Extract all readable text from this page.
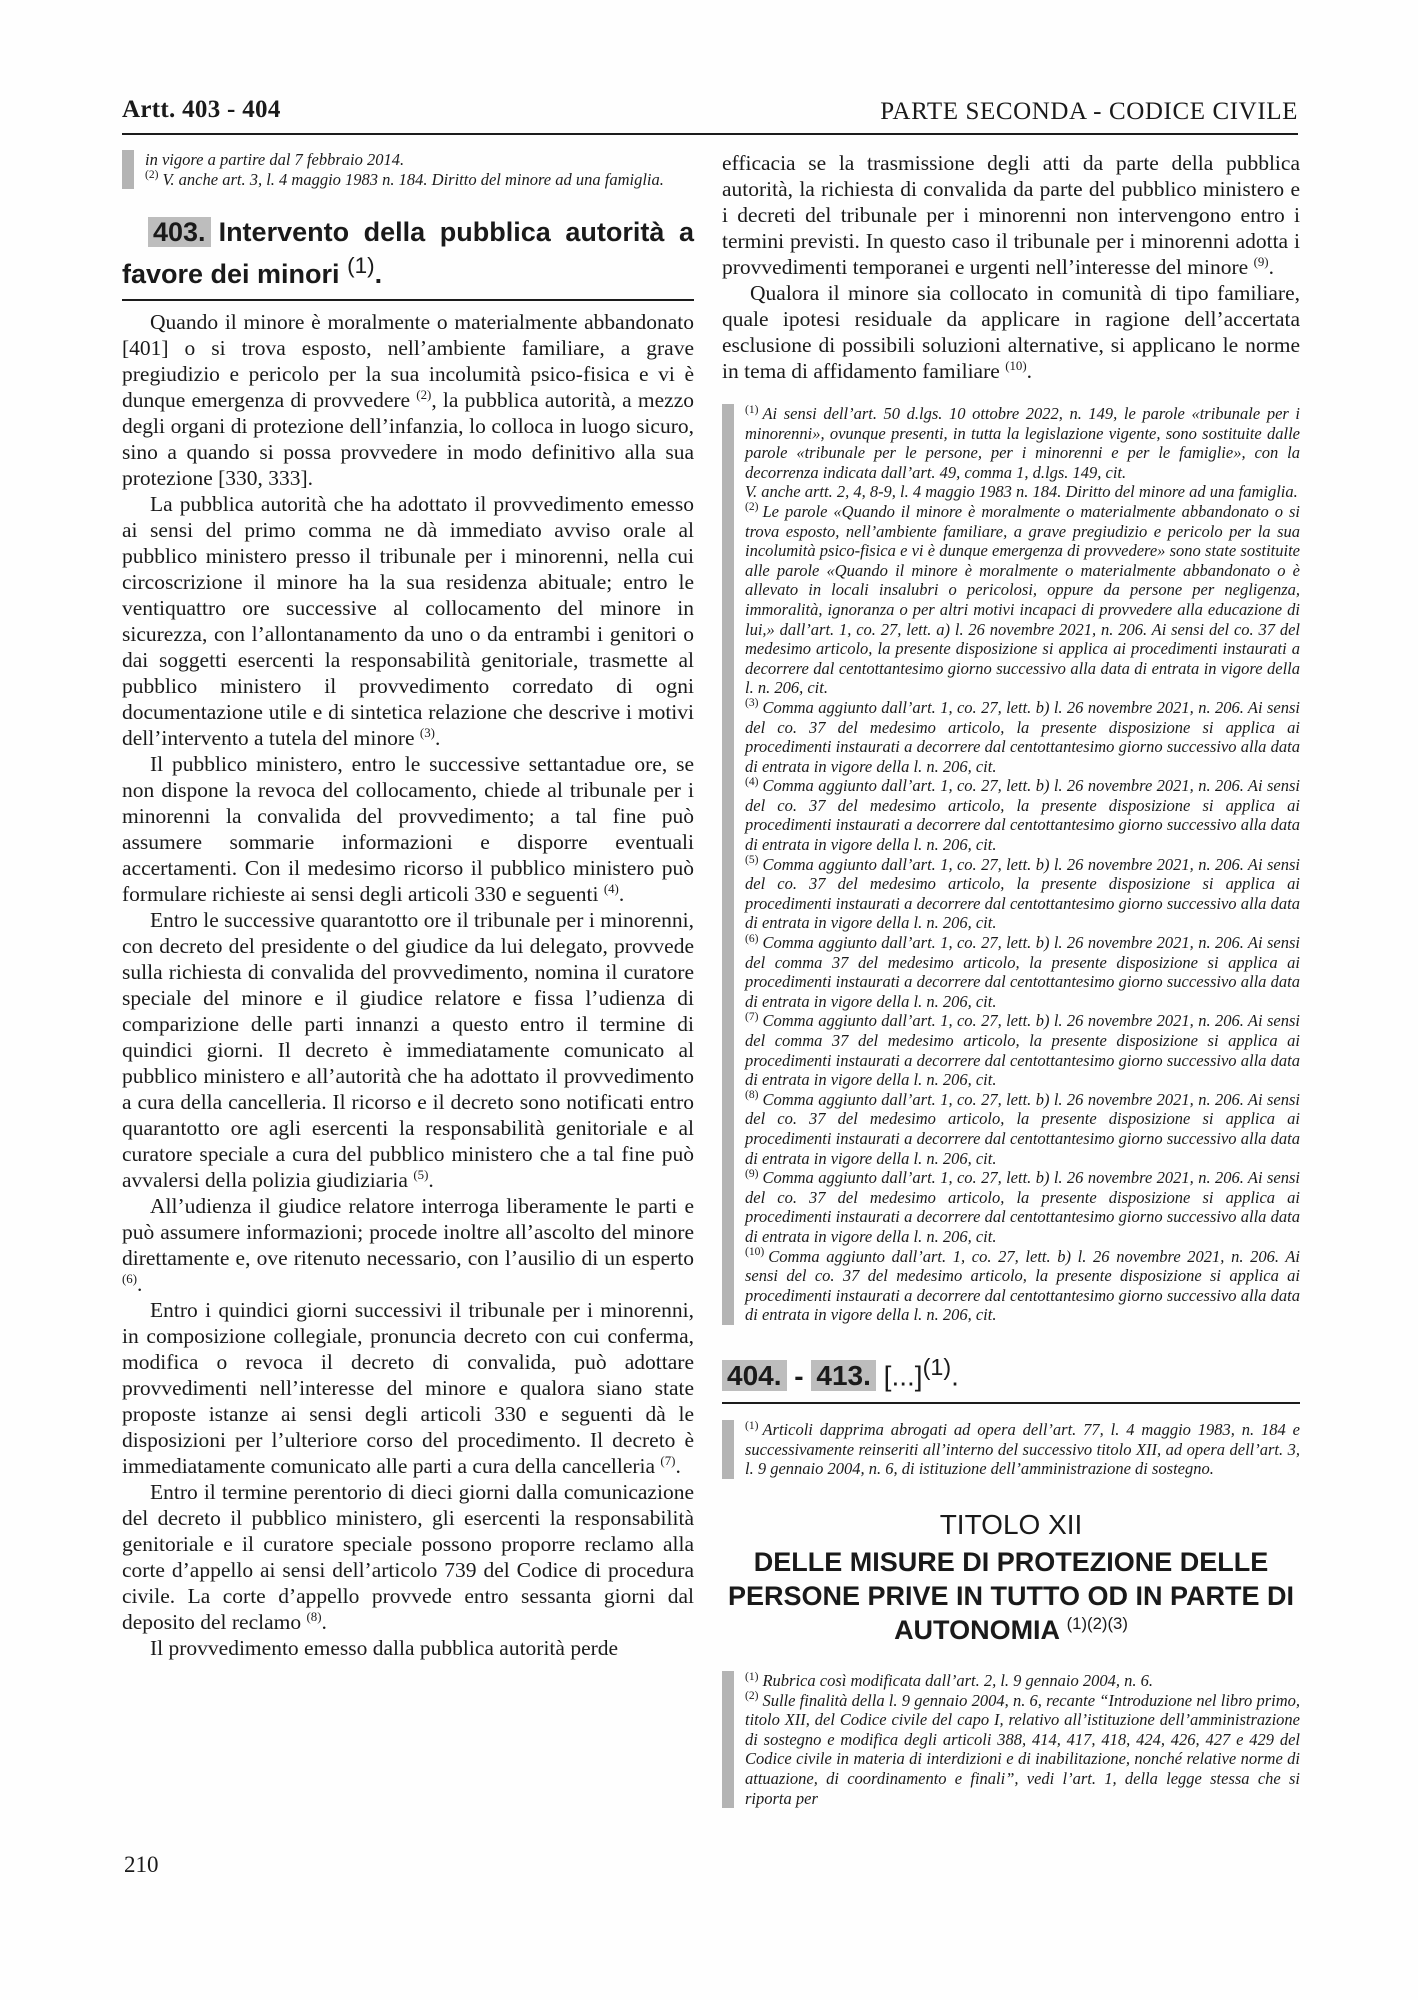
Artt. 403 - 404	PARTE SECONDA - CODICE CIVILE
in vigore a partire dal 7 febbraio 2014.
$^{(2)}$ V. anche art. 3, l. 4 maggio 1983 n. 184. Diritto del minore ad una famiglia.
403. Intervento della pubblica autorità a favore dei minori $^{(1)}$.

Quando il minore è moralmente o materialmente abbandonato [401] o si trova esposto, nell’ambiente familiare, a grave pregiudizio e pericolo per la sua incolumità psico-fisica e vi è dunque emergenza di provvedere $^{(2)}$, la pubblica autorità, a mezzo degli organi di protezione dell’infanzia, lo colloca in luogo sicuro, sino a quando si possa provvedere in modo definitivo alla sua protezione [330, 333].

La pubblica autorità che ha adottato il provvedimento emesso ai sensi del primo comma ne dà immediato avviso orale al pubblico ministero presso il tribunale per i minorenni, nella cui circoscrizione il minore ha la sua residenza abituale; entro le ventiquattro ore successive al collocamento del minore in sicurezza, con l’allontanamento da uno o da entrambi i genitori o dai soggetti esercenti la responsabilità genitoriale, trasmette al pubblico ministero il provvedimento corredato di ogni documentazione utile e di sintetica relazione che descrive i motivi dell’intervento a tutela del minore $^{(3)}$.

Il pubblico ministero, entro le successive settantadue ore, se non dispone la revoca del collocamento, chiede al tribunale per i minorenni la convalida del provvedimento; a tal fine può assumere sommarie informazioni e disporre eventuali accertamenti. Con il medesimo ricorso il pubblico ministero può formulare richieste ai sensi degli articoli 330 e seguenti $^{(4)}$.

Entro le successive quarantotto ore il tribunale per i minorenni, con decreto del presidente o del giudice da lui delegato, provvede sulla richiesta di convalida del provvedimento, nomina il curatore speciale del minore e il giudice relatore e fissa l’udienza di comparizione delle parti innanzi a questo entro il termine di quindici giorni. Il decreto è immediatamente comunicato al pubblico ministero e all’autorità che ha adottato il provvedimento a cura della cancelleria. Il ricorso e il decreto sono notificati entro quarantotto ore agli esercenti la responsabilità genitoriale e al curatore speciale a cura del pubblico ministero che a tal fine può avvalersi della polizia giudiziaria $^{(5)}$.

All’udienza il giudice relatore interroga liberamente le parti e può assumere informazioni; procede inoltre all’ascolto del minore direttamente e, ove ritenuto necessario, con l’ausilio di un esperto $^{(6)}$.

Entro i quindici giorni successivi il tribunale per i minorenni, in composizione collegiale, pronuncia decreto con cui conferma, modifica o revoca il decreto di convalida, può adottare provvedimenti nell’interesse del minore e qualora siano state proposte istanze ai sensi degli articoli 330 e seguenti dà le disposizioni per l’ulteriore corso del procedimento. Il decreto è immediatamente comunicato alle parti a cura della cancelleria $^{(7)}$.

Entro il termine perentorio di dieci giorni dalla comunicazione del decreto il pubblico ministero, gli esercenti la responsabilità genitoriale e il curatore speciale possono proporre reclamo alla corte d’appello ai sensi dell’articolo 739 del Codice di procedura civile. La corte d’appello provvede entro sessanta giorni dal deposito del reclamo $^{(8)}$.

Il provvedimento emesso dalla pubblica autorità perde

efficacia se la trasmissione degli atti da parte della pubblica autorità, la richiesta di convalida da parte del pubblico ministero e i decreti del tribunale per i minorenni non intervengono entro i termini previsti. In questo caso il tribunale per i minorenni adotta i provvedimenti temporanei e urgenti nell’interesse del minore $^{(9)}$.

Qualora il minore sia collocato in comunità di tipo familiare, quale ipotesi residuale da applicare in ragione dell’accertata esclusione di possibili soluzioni alternative, si applicano le norme in tema di affidamento familiare $^{(10)}$.

$^{(1)}$ Ai sensi dell’art. 50 d.lgs. 10 ottobre 2022, n. 149, le parole «tribunale per i minorenni», ovunque presenti, in tutta la legislazione vigente, sono sostituite dalle parole «tribunale per le persone, per i minorenni e per le famiglie», con la decorrenza indicata dall’art. 49, comma 1, d.lgs. 149, cit.
V. anche artt. 2, 4, 8-9, l. 4 maggio 1983 n. 184. Diritto del minore ad una famiglia.
$^{(2)}$ Le parole «Quando il minore è moralmente o materialmente abbandonato o si trova esposto, nell’ambiente familiare, a grave pregiudizio e pericolo per la sua incolumità psico-fisica e vi è dunque emergenza di provvedere» sono state sostituite alle parole «Quando il minore è moralmente o materialmente abbandonato o è allevato in locali insalubri o pericolosi, oppure da persone per negligenza, immoralità, ignoranza o per altri motivi incapaci di provvedere alla educazione di lui,» dall’art. 1, co. 27, lett. a) l. 26 novembre 2021, n. 206. Ai sensi del co. 37 del medesimo articolo, la presente disposizione si applica ai procedimenti instaurati a decorrere dal centottantesimo giorno successivo alla data di entrata in vigore della l. n. 206, cit.
$^{(3)}$ Comma aggiunto dall’art. 1, co. 27, lett. b) l. 26 novembre 2021, n. 206. Ai sensi del co. 37 del medesimo articolo, la presente disposizione si applica ai procedimenti instaurati a decorrere dal centottantesimo giorno successivo alla data di entrata in vigore della l. n. 206, cit.
$^{(4)}$ Comma aggiunto dall’art. 1, co. 27, lett. b) l. 26 novembre 2021, n. 206. Ai sensi del co. 37 del medesimo articolo, la presente disposizione si applica ai procedimenti instaurati a decorrere dal centottantesimo giorno successivo alla data di entrata in vigore della l. n. 206, cit.
$^{(5)}$ Comma aggiunto dall’art. 1, co. 27, lett. b) l. 26 novembre 2021, n. 206. Ai sensi del co. 37 del medesimo articolo, la presente disposizione si applica ai procedimenti instaurati a decorrere dal centottantesimo giorno successivo alla data di entrata in vigore della l. n. 206, cit.
$^{(6)}$ Comma aggiunto dall’art. 1, co. 27, lett. b) l. 26 novembre 2021, n. 206. Ai sensi del comma 37 del medesimo articolo, la presente disposizione si applica ai procedimenti instaurati a decorrere dal centottantesimo giorno successivo alla data di entrata in vigore della l. n. 206, cit.
$^{(7)}$ Comma aggiunto dall’art. 1, co. 27, lett. b) l. 26 novembre 2021, n. 206. Ai sensi del comma 37 del medesimo articolo, la presente disposizione si applica ai procedimenti instaurati a decorrere dal centottantesimo giorno successivo alla data di entrata in vigore della l. n. 206, cit.
$^{(8)}$ Comma aggiunto dall’art. 1, co. 27, lett. b) l. 26 novembre 2021, n. 206. Ai sensi del co. 37 del medesimo articolo, la presente disposizione si applica ai procedimenti instaurati a decorrere dal centottantesimo giorno successivo alla data di entrata in vigore della l. n. 206, cit.
$^{(9)}$ Comma aggiunto dall’art. 1, co. 27, lett. b) l. 26 novembre 2021, n. 206. Ai sensi del co. 37 del medesimo articolo, la presente disposizione si applica ai procedimenti instaurati a decorrere dal centottantesimo giorno successivo alla data di entrata in vigore della l. n. 206, cit.
$^{(10)}$ Comma aggiunto dall’art. 1, co. 27, lett. b) l. 26 novembre 2021, n. 206. Ai sensi del co. 37 del medesimo articolo, la presente disposizione si applica ai procedimenti instaurati a decorrere dal centottantesimo giorno successivo alla data di entrata in vigore della l. n. 206, cit.
404. - 413. [...]$^{(1)}$.
$^{(1)}$ Articoli dapprima abrogati ad opera dell’art. 77, l. 4 maggio 1983, n. 184 e successivamente reinseriti all’interno del successivo titolo XII, ad opera dell’art. 3, l. 9 gennaio 2004, n. 6, di istituzione dell’amministrazione di sostegno.
TITOLO XII
DELLE MISURE DI PROTEZIONE DELLE PERSONE PRIVE IN TUTTO OD IN PARTE DI AUTONOMIA $^{(1)(2)(3)}$
$^{(1)}$ Rubrica così modificata dall’art. 2, l. 9 gennaio 2004, n. 6.
$^{(2)}$ Sulle finalità della l. 9 gennaio 2004, n. 6, recante “Introduzione nel libro primo, titolo XII, del Codice civile del capo I, relativo all’istituzione dell’amministrazione di sostegno e modifica degli articoli 388, 414, 417, 418, 424, 426, 427 e 429 del Codice civile in materia di interdizioni e di inabilitazione, nonché relative norme di attuazione, di coordinamento e finali”, vedi l’art. 1, della legge stessa che si riporta per
210
